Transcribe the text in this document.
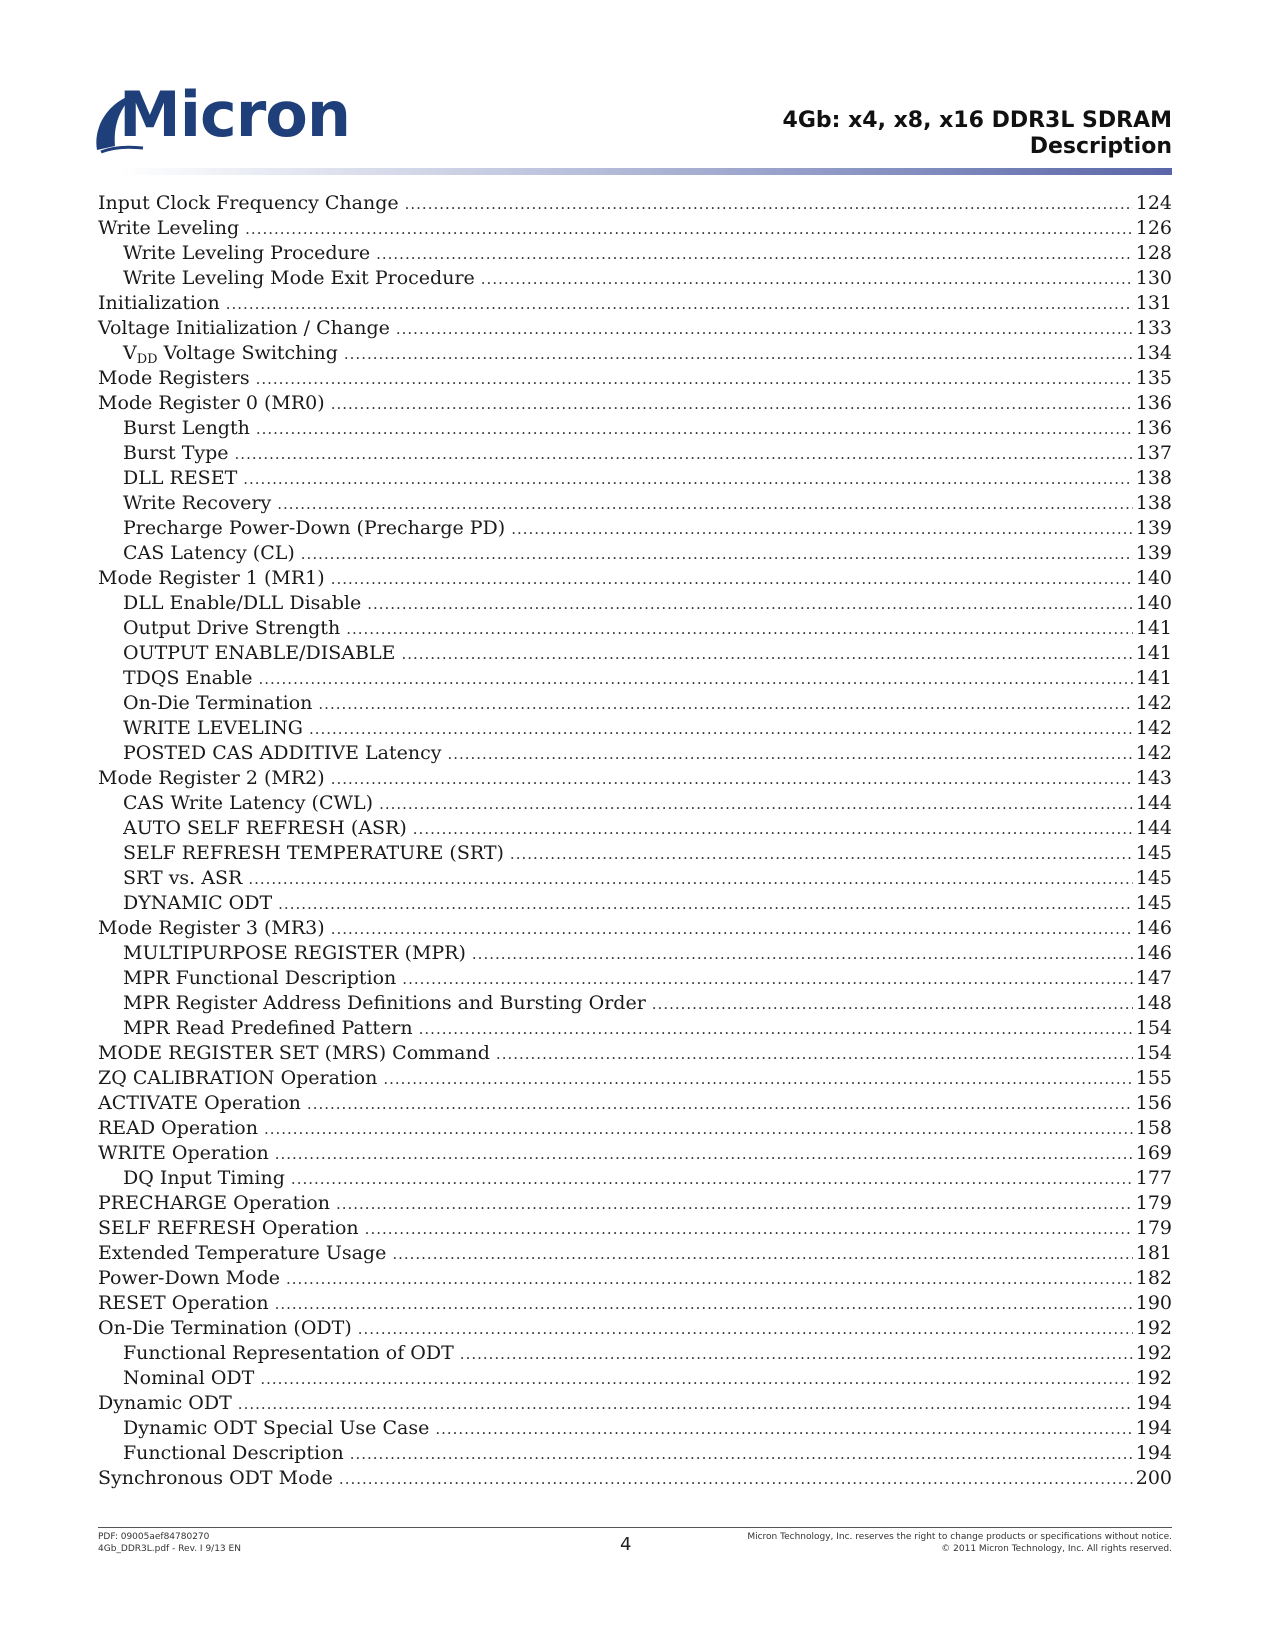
Micron	4Gb: x4, x8, x16 DDR3L SDRAM
Description
Input Clock Frequency Change .....	124
Write Leveling .....	126
Write Leveling Procedure .....	128
Write Leveling Mode Exit Procedure .....	130
Initialization .....	131
Voltage Initialization / Change .....	133
$V_{DD}$ Voltage Switching .....	134
Mode Registers .....	135
Mode Register 0 (MR0) .....	136
Burst Length .....	136
Burst Type .....	137
DLL RESET .....	138
Write Recovery .....	138
Precharge Power-Down (Precharge PD) .....	139
CAS Latency (CL) .....	139
Mode Register 1 (MR1) .....	140
DLL Enable/DLL Disable .....	140
Output Drive Strength .....	141
OUTPUT ENABLE/DISABLE .....	141
TDQS Enable .....	141
On-Die Termination .....	142
WRITE LEVELING .....	142
POSTED CAS ADDITIVE Latency .....	142
Mode Register 2 (MR2) .....	143
CAS Write Latency (CWL) .....	144
AUTO SELF REFRESH (ASR) .....	144
SELF REFRESH TEMPERATURE (SRT) .....	145
SRT vs. ASR .....	145
DYNAMIC ODT .....	145
Mode Register 3 (MR3) .....	146
MULTIPURPOSE REGISTER (MPR) .....	146
MPR Functional Description .....	147
MPR Register Address Definitions and Bursting Order .....	148
MPR Read Predefined Pattern .....	154
MODE REGISTER SET (MRS) Command .....	154
ZQ CALIBRATION Operation .....	155
ACTIVATE Operation .....	156
READ Operation .....	158
WRITE Operation .....	169
DQ Input Timing .....	177
PRECHARGE Operation .....	179
SELF REFRESH Operation .....	179
Extended Temperature Usage .....	181
Power-Down Mode .....	182
RESET Operation .....	190
On-Die Termination (ODT) .....	192
Functional Representation of ODT .....	192
Nominal ODT .....	192
Dynamic ODT .....	194
Dynamic ODT Special Use Case .....	194
Functional Description .....	194
Synchronous ODT Mode .....	200
PDF: 09005aef84780270
4Gb_DDR3L.pdf - Rev. I 9/13 EN	4	Micron Technology, Inc. reserves the right to change products or specifications without notice.
© 2011 Micron Technology, Inc. All rights reserved.
